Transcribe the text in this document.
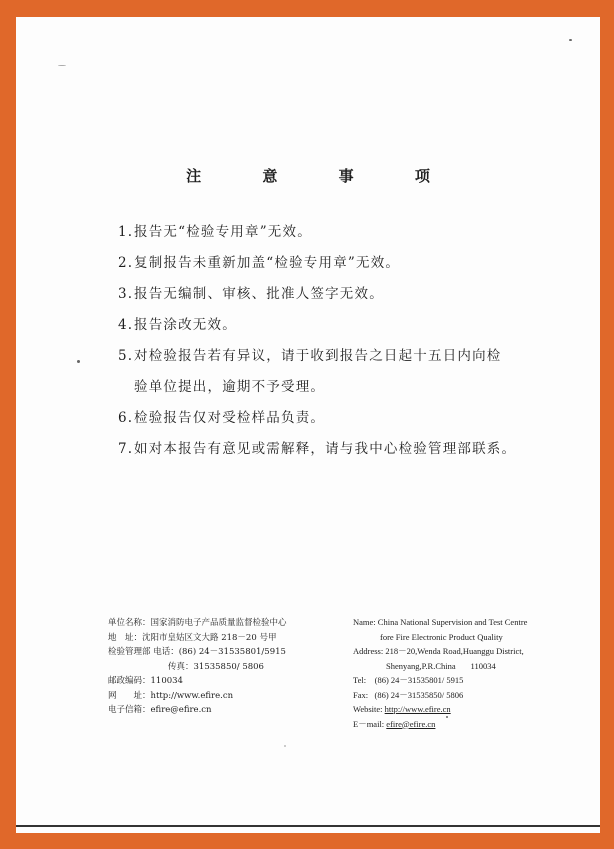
注 意 事 项
1.报告无“检验专用章”无效。
2.复制报告未重新加盖“检验专用章”无效。
3.报告无编制、审核、批准人签字无效。
4.报告涂改无效。
5.对检验报告若有异议，请于收到报告之日起十五日内向检
验单位提出，逾期不予受理。
6.检验报告仅对受检样品负责。
7.如对本报告有意见或需解释，请与我中心检验管理部联系。
单位名称：国家消防电子产品质量监督检验中心
地　址：沈阳市皇姑区文大路 218－20 号甲
检验管理部 电话：(86) 24－31535801/5915
传真：31535850/ 5806
邮政编码：110034
网　　址：http://www.efire.cn
电子信箱：efire@efire.cn
Name: China National Supervision and Test Centre
fore Fire Electronic Product Quality
Address: 218－20,Wenda Road,Huanggu District,
Shenyang,P.R.China 110034
Tel: (86) 24－31535801/ 5915
Fax: (86) 24－31535850/ 5806
Website: http://www.efire.cn
E－mail: efire@efire.cn
